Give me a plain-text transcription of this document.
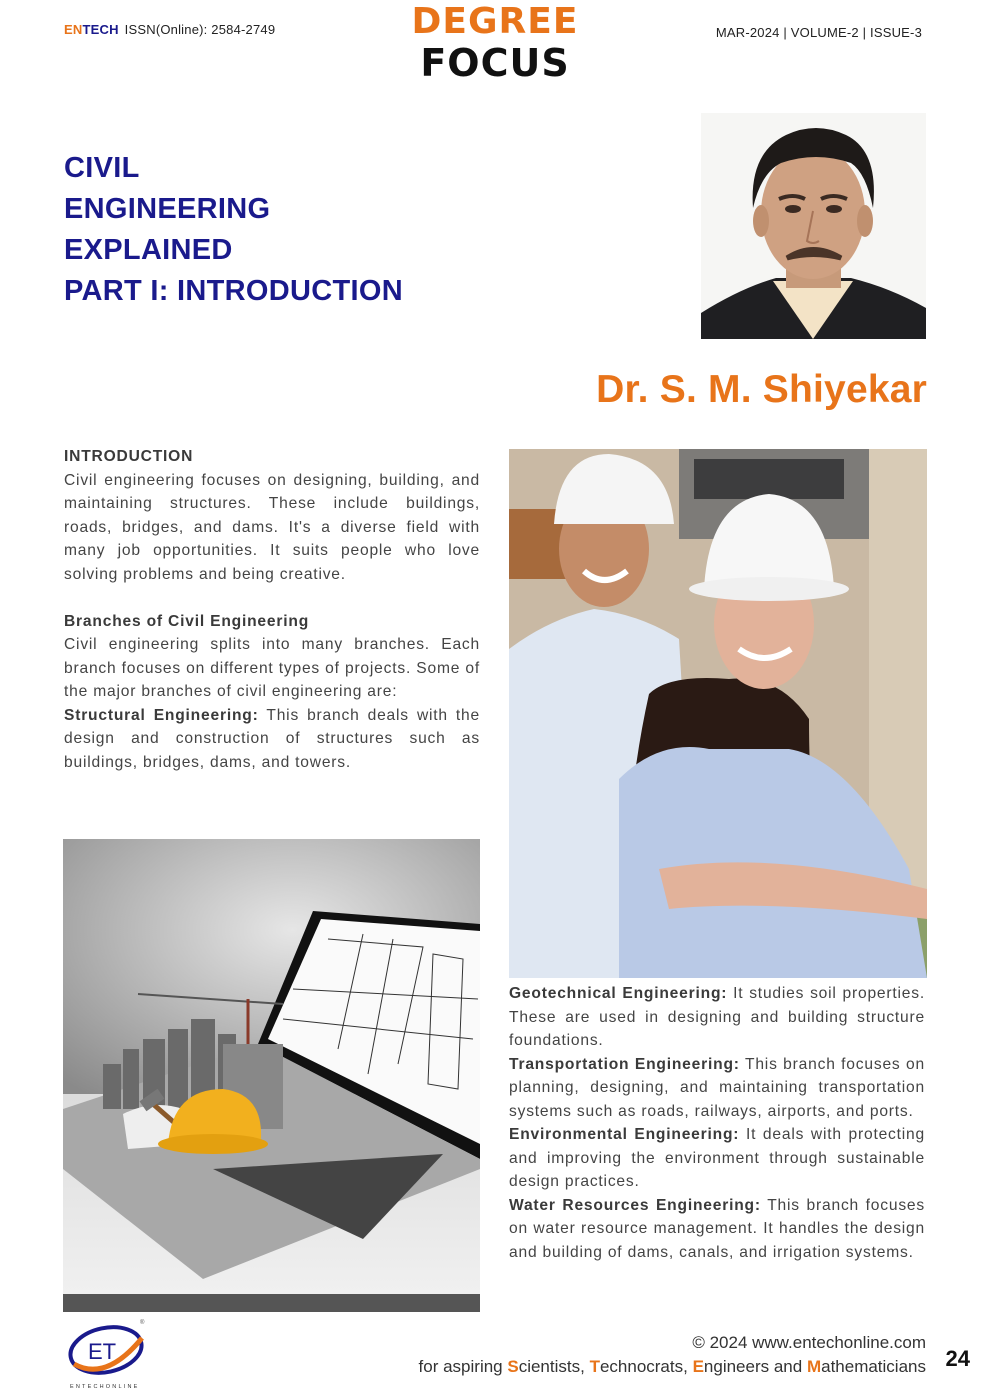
ENTECH ISSN(Online): 2584-2749	DEGREE
FOCUS
MAR-2024 | VOLUME-2 | ISSUE-3
CIVIL
ENGINEERING
EXPLAINED
PART I: INTRODUCTION
Dr. S. M. Shiyekar
INTRODUCTION
Civil engineering focuses on designing, building, and maintaining structures. These include buildings, roads, bridges, and dams. It's a diverse field with many job opportunities. It suits people who love solving problems and being creative.
Branches of Civil Engineering
Civil engineering splits into many branches. Each branch focuses on different types of projects. Some of the major branches of civil engineering are:
Structural Engineering: This branch deals with the design and construction of structures such as buildings, bridges, dams, and towers.
Geotechnical Engineering: It studies soil properties. These are used in designing and building structure foundations.
Transportation Engineering: This branch focuses on planning, designing, and maintaining transportation systems such as roads, railways, airports, and ports.
Environmental Engineering: It deals with protecting and improving the environment through sustainable design practices.
Water Resources Engineering: This branch focuses on water resource management. It handles the design and building of dams, canals, and irrigation systems.
ET
®
ENTECHONLINE
© 2024 www.entechonline.com
for aspiring Scientists, Technocrats, Engineers and Mathematicians 24
